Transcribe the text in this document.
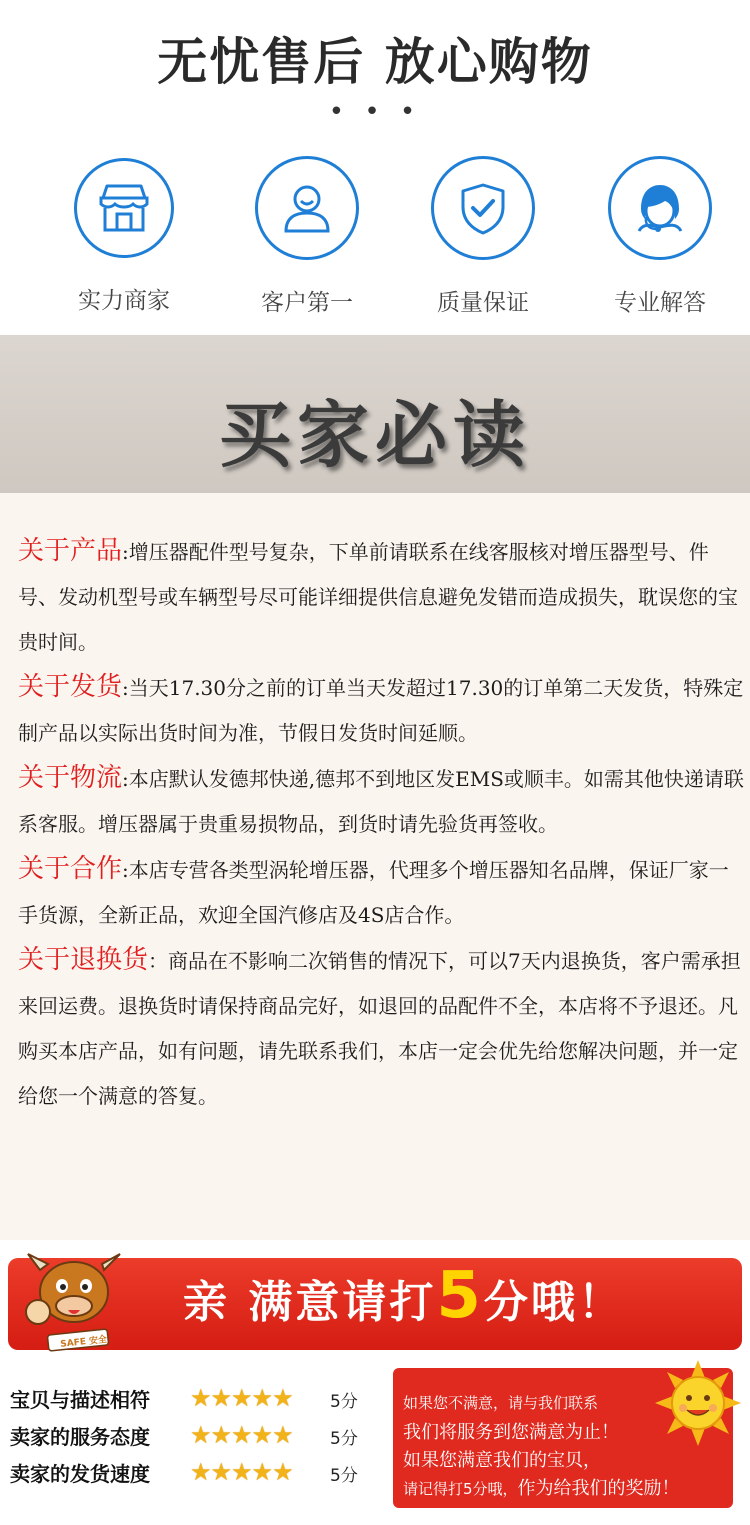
无忧售后 放心购物
• • •
实力商家	客户第一	质量保证	专业解答
买家必读

关于产品:增压器配件型号复杂，下单前请联系在线客服核对增压器型号、件号、发动机型号或车辆型号尽可能详细提供信息避免发错而造成损失，耽误您的宝贵时间。

关于发货:当天17.30分之前的订单当天发超过17.30的订单第二天发货，特殊定制产品以实际出货时间为准，节假日发货时间延顺。

关于物流:本店默认发德邦快递,德邦不到地区发EMS或顺丰。如需其他快递请联系客服。增压器属于贵重易损物品，到货时请先验货再签收。

关于合作:本店专营各类型涡轮增压器，代理多个增压器知名品牌，保证厂家一手货源，全新正品，欢迎全国汽修店及4S店合作。

关于退换货：商品在不影响二次销售的情况下，可以7天内退换货，客户需承担来回运费。退换货时请保持商品完好，如退回的品配件不全，本店将不予退还。凡购买本店产品，如有问题，请先联系我们，本店一定会优先给您解决问题，并一定给您一个满意的答复。

亲 满意请打5分哦！
SAFE 安全
宝贝与描述相符 ★★★★★ 5分
卖家的服务态度 ★★★★★ 5分
卖家的发货速度 ★★★★★ 5分
如果您不满意，请与我们联系
我们将服务到您满意为止！
如果您满意我们的宝贝，
请记得打5分哦，作为给我们的奖励！
